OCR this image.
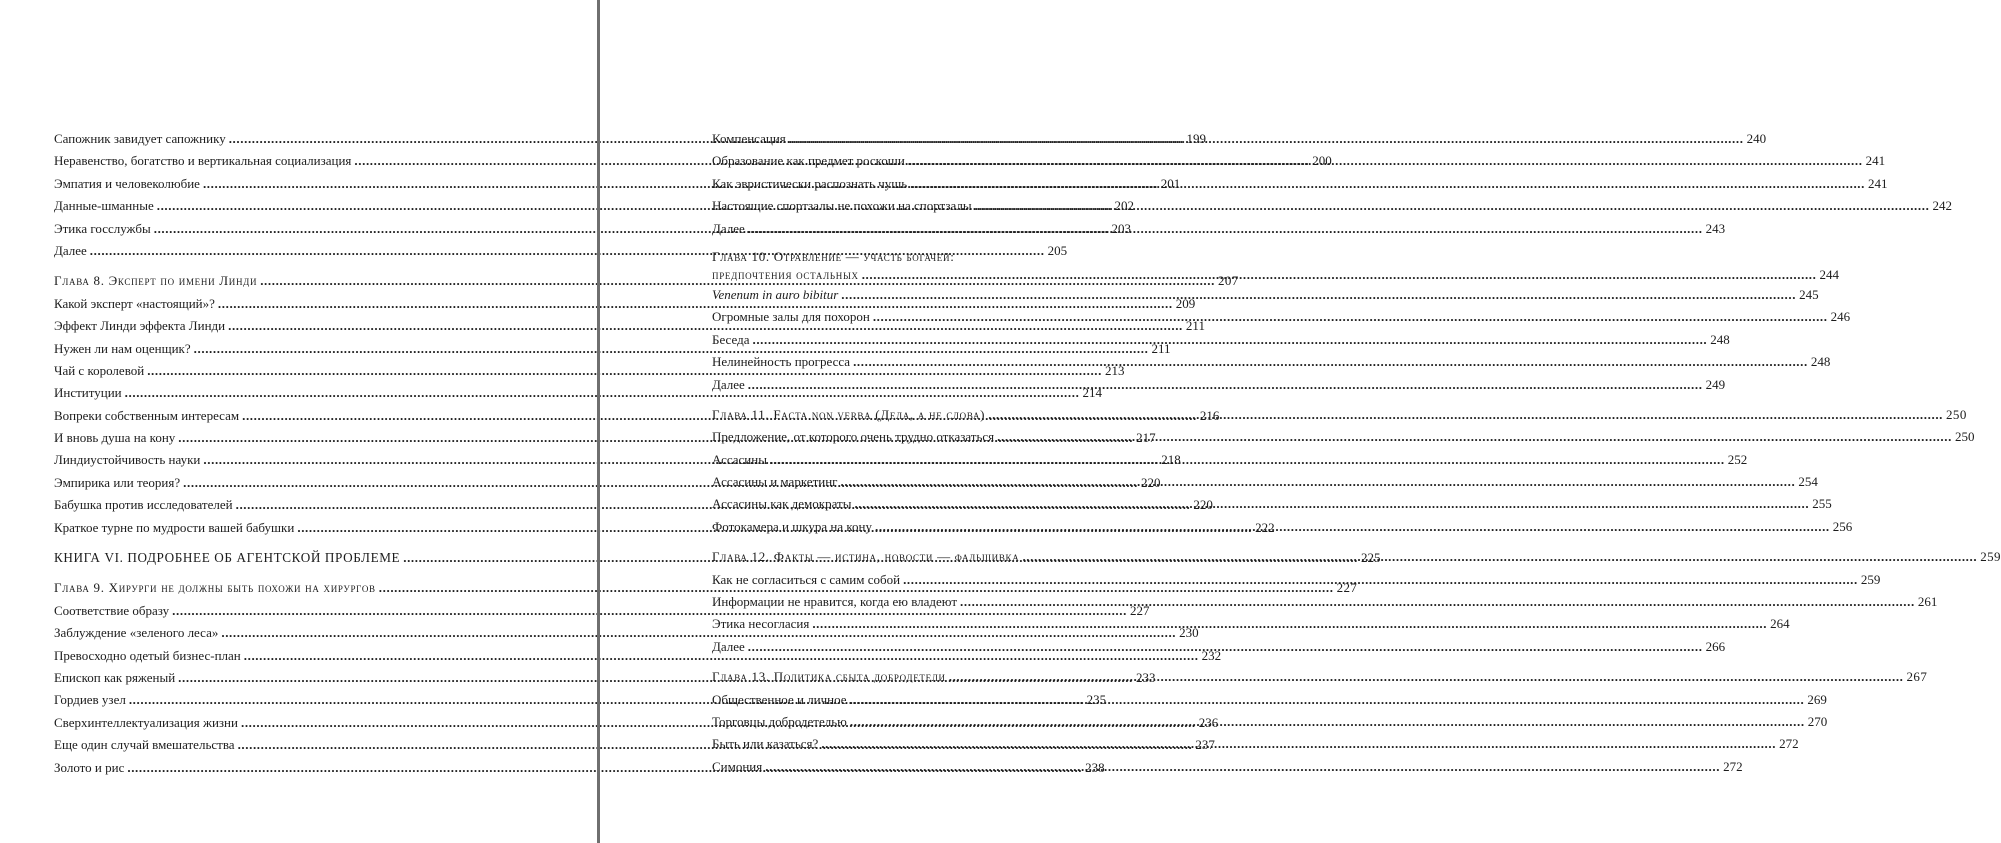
Сапожник завидует сапожнику .....	199
Неравенство, богатство и вертикальная социализация .....	200
Эмпатия и человеколюбие .....	201
Данные-шманные .....	202
Этика госслужбы .....	203
Далее .....	205
Глава 8. Эксперт по имени Линди .....	207
Какой эксперт «настоящий»? .....	209
Эффект Линди эффекта Линди .....	211
Нужен ли нам оценщик? .....	211
Чай с королевой .....	213
Институции .....	214
Вопреки собственным интересам .....	216
И вновь душа на кону .....	217
Линдиустойчивость науки .....	218
Эмпирика или теория? .....	220
Бабушка против исследователей .....	220
Краткое турне по мудрости вашей бабушки .....	222
КНИГА VI. ПОДРОБНЕЕ ОБ АГЕНТСКОЙ ПРОБЛЕМЕ .....	225
Глава 9. Хирурги не должны быть похожи на хирургов .....	227
Соответствие образу .....	227
Заблуждение «зеленого леса» .....	230
Превосходно одетый бизнес-план .....	232
Епископ как ряженый .....	233
Гордиев узел .....	235
Сверхинтеллектуализация жизни .....	236
Еще один случай вмешательства .....	237
Золото и рис .....	238
Компенсация .....	240
Образование как предмет роскоши .....	241
Как эвристически распознать чушь .....	241
Настоящие спортзалы не похожи на спортзалы .....	242
Далее .....	243
Глава 10. Отравление — участь богачей:
предпочтения остальных .....	244
Venenum in auro bibitur .....	245
Огромные залы для похорон .....	246
Беседа .....	248
Нелинейность прогресса .....	248
Далее .....	249
Глава 11. Facta non verba (Дела, а не слова) .....	250
Предложение, от которого очень трудно отказаться .....	250
Ассасины .....	252
Ассасины и маркетинг .....	254
Ассасины как демократы .....	255
Фотокамера и шкура на кону .....	256
Глава 12. Факты — истина, новости — фальшивка .....	259
Как не согласиться с самим собой .....	259
Информации не нравится, когда ею владеют .....	261
Этика несогласия .....	264
Далее .....	266
Глава 13. Политика сбыта добродетели .....	267
Общественное и личное .....	269
Торговцы добродетелью .....	270
Быть или казаться? .....	272
Симония .....	272
